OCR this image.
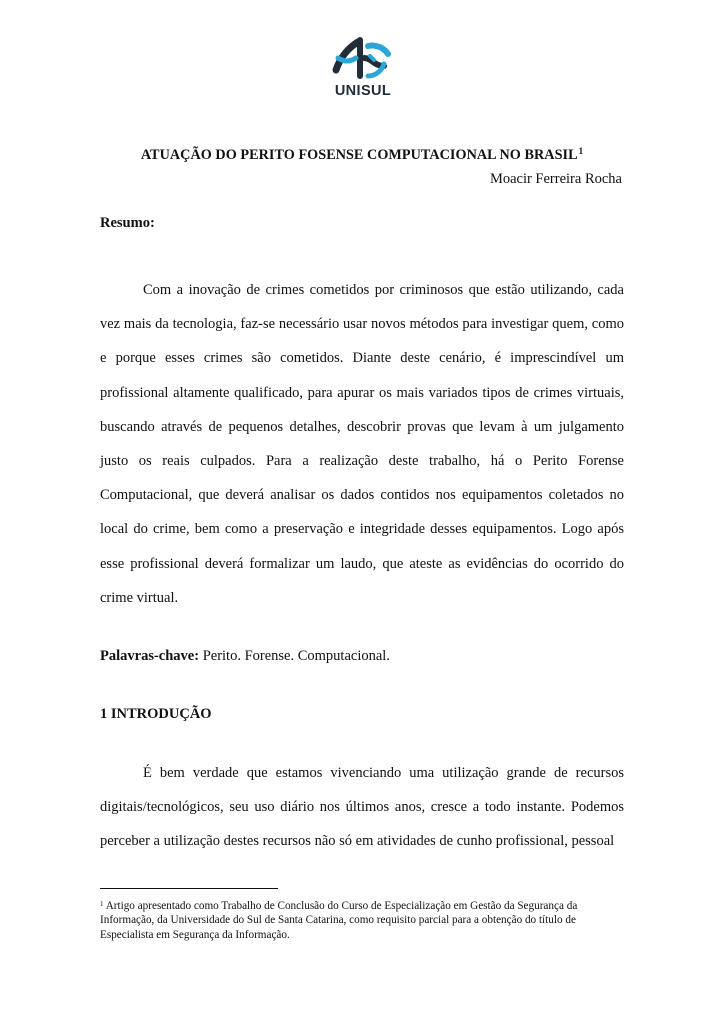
UNISUL
ATUAÇÃO DO PERITO FOSENSE COMPUTACIONAL NO BRASIL$^1$
Moacir Ferreira Rocha
Resumo:

Com a inovação de crimes cometidos por criminosos que estão utilizando, cada vez mais da tecnologia, faz-se necessário usar novos métodos para investigar quem, como e porque esses crimes são cometidos. Diante deste cenário, é imprescindível um profissional altamente qualificado, para apurar os mais variados tipos de crimes virtuais, buscando através de pequenos detalhes, descobrir provas que levam à um julgamento justo os reais culpados. Para a realização deste trabalho, há o Perito Forense Computacional, que deverá analisar os dados contidos nos equipamentos coletados no local do crime, bem como a preservação e integridade desses equipamentos. Logo após esse profissional deverá formalizar um laudo, que ateste as evidências do ocorrido do crime virtual.

Palavras-chave: Perito. Forense. Computacional.
1 INTRODUÇÃO

É bem verdade que estamos vivenciando uma utilização grande de recursos digitais/tecnológicos, seu uso diário nos últimos anos, cresce a todo instante. Podemos perceber a utilização destes recursos não só em atividades de cunho profissional, pessoal

$^1$ Artigo apresentado como Trabalho de Conclusão do Curso de Especialização em Gestão da Segurança da Informação, da Universidade do Sul de Santa Catarina, como requisito parcial para a obtenção do título de Especialista em Segurança da Informação.
